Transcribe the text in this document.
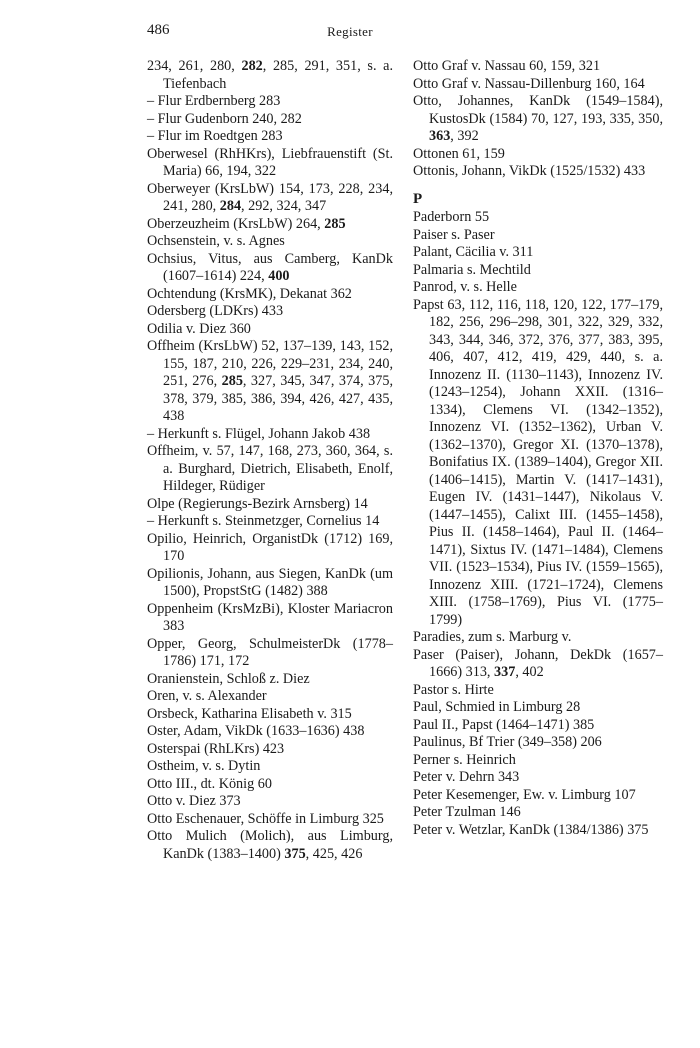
486	Register

234, 261, 280, 282, 285, 291, 351, s. a. Tiefenbach

– Flur Erdbernberg 283

– Flur Gudenborn 240, 282

– Flur im Roedtgen 283

Oberwesel (RhHKrs), Liebfrauenstift (St. Maria) 66, 194, 322

Oberweyer (KrsLbW) 154, 173, 228, 234, 241, 280, 284, 292, 324, 347

Oberzeuzheim (KrsLbW) 264, 285

Ochsenstein, v. s. Agnes

Ochsius, Vitus, aus Camberg, KanDk (1607–1614) 224, 400

Ochtendung (KrsMK), Dekanat 362

Odersberg (LDKrs) 433

Odilia v. Diez 360

Offheim (KrsLbW) 52, 137–139, 143, 152, 155, 187, 210, 226, 229–231, 234, 240, 251, 276, 285, 327, 345, 347, 374, 375, 378, 379, 385, 386, 394, 426, 427, 435, 438

– Herkunft s. Flügel, Johann Jakob 438

Offheim, v. 57, 147, 168, 273, 360, 364, s. a. Burghard, Dietrich, Elisabeth, Enolf, Hildeger, Rüdiger

Olpe (Regierungs-Bezirk Arnsberg) 14

– Herkunft s. Steinmetzger, Cornelius 14

Opilio, Heinrich, OrganistDk (1712) 169, 170

Opilionis, Johann, aus Siegen, KanDk (um 1500), PropstStG (1482) 388

Oppenheim (KrsMzBi), Kloster Mariacron 383

Opper, Georg, SchulmeisterDk (1778–1786) 171, 172

Oranienstein, Schloß z. Diez

Oren, v. s. Alexander

Orsbeck, Katharina Elisabeth v. 315

Oster, Adam, VikDk (1633–1636) 438

Osterspai (RhLKrs) 423

Ostheim, v. s. Dytin

Otto III., dt. König 60

Otto v. Diez 373

Otto Eschenauer, Schöffe in Limburg 325

Otto Mulich (Molich), aus Limburg, KanDk (1383–1400) 375, 425, 426

Otto Graf v. Nassau 60, 159, 321

Otto Graf v. Nassau-Dillenburg 160, 164

Otto, Johannes, KanDk (1549–1584), KustosDk (1584) 70, 127, 193, 335, 350, 363, 392

Ottonen 61, 159

Ottonis, Johann, VikDk (1525/1532) 433

P

Paderborn 55

Paiser s. Paser

Palant, Cäcilia v. 311

Palmaria s. Mechtild

Panrod, v. s. Helle

Papst 63, 112, 116, 118, 120, 122, 177–179, 182, 256, 296–298, 301, 322, 329, 332, 343, 344, 346, 372, 376, 377, 383, 395, 406, 407, 412, 419, 429, 440, s. a. Innozenz II. (1130–1143), Innozenz IV. (1243–1254), Johann XXII. (1316–1334), Clemens VI. (1342–1352), Innozenz VI. (1352–1362), Urban V. (1362–1370), Gregor XI. (1370–1378), Bonifatius IX. (1389–1404), Gregor XII. (1406–1415), Martin V. (1417–1431), Eugen IV. (1431–1447), Nikolaus V. (1447–1455), Calixt III. (1455–1458), Pius II. (1458–1464), Paul II. (1464–1471), Sixtus IV. (1471–1484), Clemens VII. (1523–1534), Pius IV. (1559–1565), Innozenz XIII. (1721–1724), Clemens XIII. (1758–1769), Pius VI. (1775–1799)

Paradies, zum s. Marburg v.

Paser (Paiser), Johann, DekDk (1657–1666) 313, 337, 402

Pastor s. Hirte

Paul, Schmied in Limburg 28

Paul II., Papst (1464–1471) 385

Paulinus, Bf Trier (349–358) 206

Perner s. Heinrich

Peter v. Dehrn 343

Peter Kesemenger, Ew. v. Limburg 107

Peter Tzulman 146

Peter v. Wetzlar, KanDk (1384/1386) 375
